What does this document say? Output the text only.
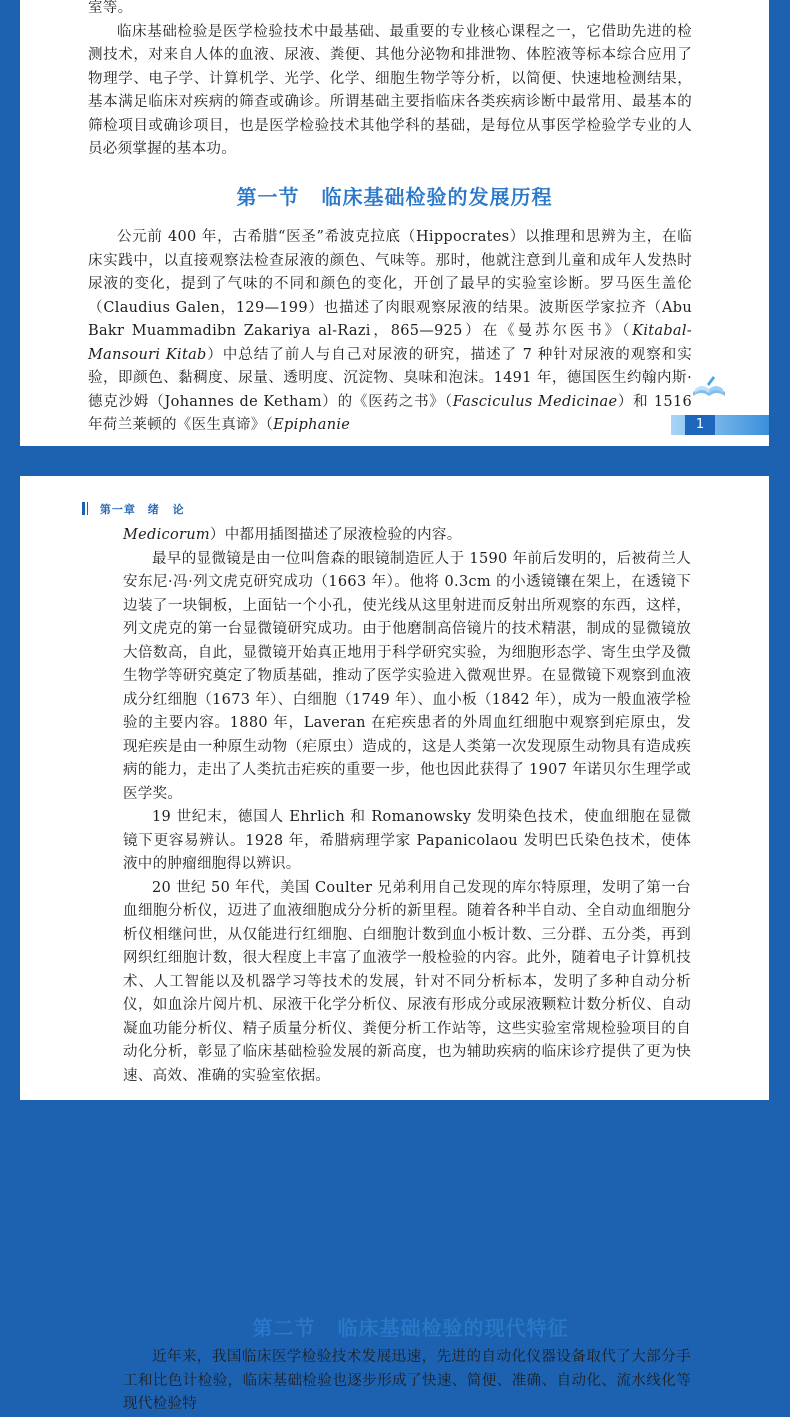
室等。

临床基础检验是医学检验技术中最基础、最重要的专业核心课程之一，它借助先进的检测技术，对来自人体的血液、尿液、粪便、其他分泌物和排泄物、体腔液等标本综合应用了物理学、电子学、计算机学、光学、化学、细胞生物学等分析，以简便、快速地检测结果，基本满足临床对疾病的筛查或确诊。所谓基础主要指临床各类疾病诊断中最常用、最基本的筛检项目或确诊项目，也是医学检验技术其他学科的基础，是每位从事医学检验学专业的人员必须掌握的基本功。

第一节 临床基础检验的发展历程

公元前 400 年，古希腊“医圣”希波克拉底（Hippocrates）以推理和思辨为主，在临床实践中，以直接观察法检查尿液的颜色、气味等。那时，他就注意到儿童和成年人发热时尿液的变化，提到了气味的不同和颜色的变化，开创了最早的实验室诊断。罗马医生盖伦（Claudius Galen，129—199）也描述了肉眼观察尿液的结果。波斯医学家拉齐（Abu Bakr Muammadibn Zakariya al-Razi，865—925）在《曼苏尔医书》（Kitabal-Mansouri Kitab）中总结了前人与自己对尿液的研究，描述了 7 种针对尿液的观察和实验，即颜色、黏稠度、尿量、透明度、沉淀物、臭味和泡沫。1491 年，德国医生约翰内斯·德克沙姆（Johannes de Ketham）的《医药之书》（Fasciculus Medicinae）和 1516 年荷兰莱顿的《医生真谛》（Epiphanie	1
第一章 绪论

Medicorum）中都用插图描述了尿液检验的内容。

最早的显微镜是由一位叫詹森的眼镜制造匠人于 1590 年前后发明的，后被荷兰人安东尼·冯·列文虎克研究成功（1663 年）。他将 0.3cm 的小透镜镶在架上，在透镜下边装了一块铜板，上面钻一个小孔，使光线从这里射进而反射出所观察的东西，这样，列文虎克的第一台显微镜研究成功。由于他磨制高倍镜片的技术精湛，制成的显微镜放大倍数高，自此，显微镜开始真正地用于科学研究实验，为细胞形态学、寄生虫学及微生物学等研究奠定了物质基础，推动了医学实验进入微观世界。在显微镜下观察到血液成分红细胞（1673 年）、白细胞（1749 年）、血小板（1842 年），成为一般血液学检验的主要内容。1880 年，Laveran 在疟疾患者的外周血红细胞中观察到疟原虫，发现疟疾是由一种原生动物（疟原虫）造成的，这是人类第一次发现原生动物具有造成疾病的能力，走出了人类抗击疟疾的重要一步，他也因此获得了 1907 年诺贝尔生理学或医学奖。

19 世纪末，德国人 Ehrlich 和 Romanowsky 发明染色技术，使血细胞在显微镜下更容易辨认。1928 年，希腊病理学家 Papanicolaou 发明巴氏染色技术，使体液中的肿瘤细胞得以辨识。

20 世纪 50 年代，美国 Coulter 兄弟利用自己发现的库尔特原理，发明了第一台血细胞分析仪，迈进了血液细胞成分分析的新里程。随着各种半自动、全自动血细胞分析仪相继问世，从仅能进行红细胞、白细胞计数到血小板计数、三分群、五分类，再到网织红细胞计数，很大程度上丰富了血液学一般检验的内容。此外，随着电子计算机技术、人工智能以及机器学习等技术的发展，针对不同分析标本，发明了多种自动分析仪，如血涂片阅片机、尿液干化学分析仪、尿液有形成分或尿液颗粒计数分析仪、自动凝血功能分析仪、精子质量分析仪、粪便分析工作站等，这些实验室常规检验项目的自动化分析，彰显了临床基础检验发展的新高度，也为辅助疾病的临床诊疗提供了更为快速、高效、准确的实验室依据。

第二节 临床基础检验的现代特征

近年来，我国临床医学检验技术发展迅速，先进的自动化仪器设备取代了大部分手工和比色计检验，临床基础检验也逐步形成了快速、简便、准确、自动化、流水线化等现代检验特
